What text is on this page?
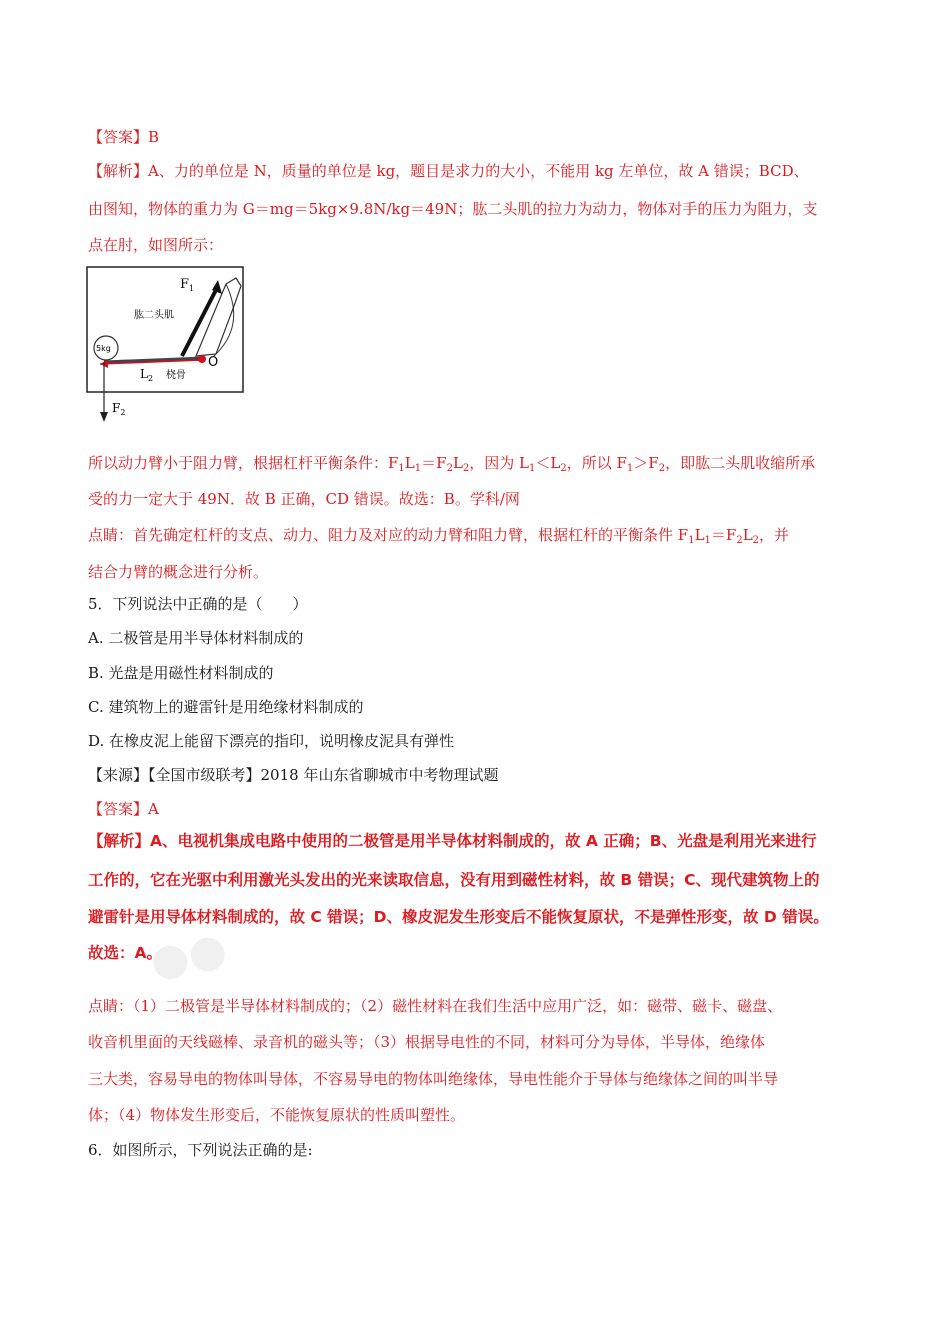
●●
【答案】B
【解析】A、力的单位是 N，质量的单位是 kg，题目是求力的大小，不能用 kg 左单位，故 A 错误；BCD、
由图知，物体的重力为 G＝mg＝5kg×9.8N/kg＝49N；肱二头肌的拉力为动力，物体对手的压力为阻力，支
点在肘，如图所示：
$F_1$
肱二头肌
5kg
O
$L_2$ 桡骨
$F_2$
所以动力臂小于阻力臂，根据杠杆平衡条件：$F_1L_1=F_2L_2$，因为 $L_1<L_2$，所以 $F_1>F_2$，即肱二头肌收缩所承
受的力一定大于 49N．故 B 正确，CD 错误。故选：B。学科/网
点睛：首先确定杠杆的支点、动力、阻力及对应的动力臂和阻力臂，根据杠杆的平衡条件 $F_1L_1=F_2L_2$，并
结合力臂的概念进行分析。
5．下列说法中正确的是（　　）
A. 二极管是用半导体材料制成的
B. 光盘是用磁性材料制成的
C. 建筑物上的避雷针是用绝缘材料制成的
D. 在橡皮泥上能留下漂亮的指印，说明橡皮泥具有弹性
【来源】【全国市级联考】2018 年山东省聊城市中考物理试题
【答案】A
【解析】A、电视机集成电路中使用的二极管是用半导体材料制成的，故 A 正确；B、光盘是利用光来进行
工作的，它在光驱中利用激光头发出的光来读取信息，没有用到磁性材料，故 B 错误；C、现代建筑物上的
避雷针是用导体材料制成的，故 C 错误；D、橡皮泥发生形变后不能恢复原状，不是弹性形变，故 D 错误。
故选：A。
点睛：（1）二极管是半导体材料制成的；（2）磁性材料在我们生活中应用广泛，如：磁带、磁卡、磁盘、
收音机里面的天线磁棒、录音机的磁头等；（3）根据导电性的不同，材料可分为导体，半导体，绝缘体
三大类，容易导电的物体叫导体，不容易导电的物体叫绝缘体，导电性能介于导体与绝缘体之间的叫半导
体；（4）物体发生形变后，不能恢复原状的性质叫塑性。
6．如图所示，下列说法正确的是:
